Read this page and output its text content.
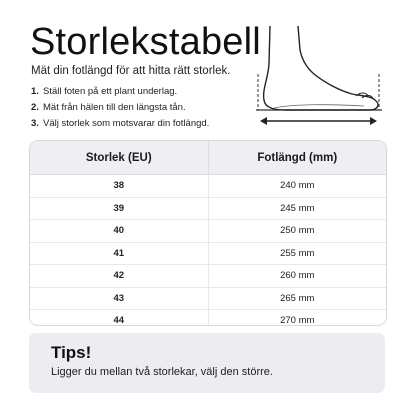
Storlekstabell
Mät din fotlängd för att hitta rätt storlek.
1. Ställ foten på ett plant underlag.
2. Mät från hälen till den längsta tån.
3. Välj storlek som motsvarar din fotlängd.
Storlek (EU)	Fotlängd (mm)
38	240 mm
39	245 mm
40	250 mm
41	255 mm
42	260 mm
43	265 mm
44	270 mm
Tips!
Ligger du mellan två storlekar, välj den större.
